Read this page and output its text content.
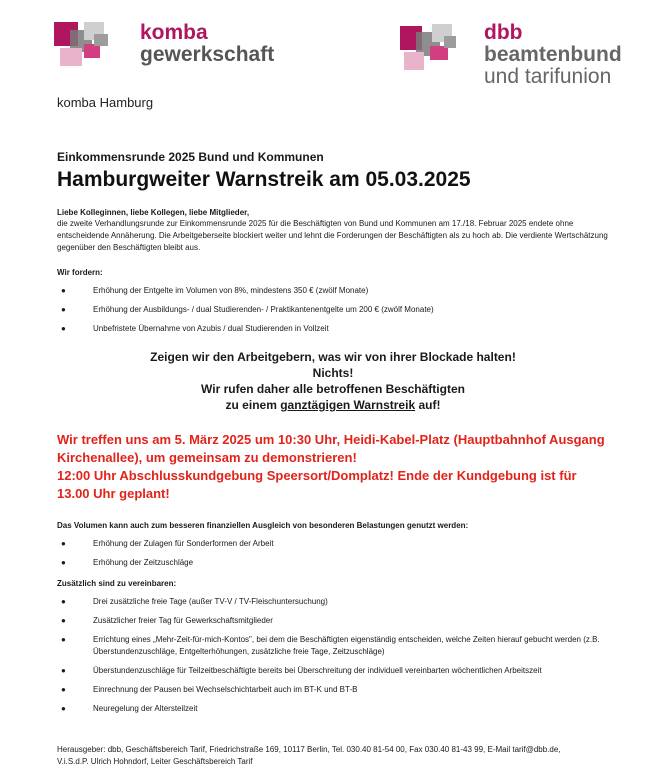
komba
gewerkschaft
dbb
beamtenbund
und tarifunion
komba Hamburg

Einkommensrunde 2025 Bund und Kommunen

Hamburgweiter Warnstreik am 05.03.2025

Liebe Kolleginnen, liebe Kollegen, liebe Mitglieder,

die zweite Verhandlungsrunde zur Einkommensrunde 2025 für die Beschäftigten von Bund und Kommunen am 17./18. Februar 2025 endete ohne entscheidende Annäherung. Die Arbeitgeberseite blockiert weiter und lehnt die Forderungen der Beschäftigten als zu hoch ab. Die verdiente Wertschätzung gegenüber den Beschäftigten bleibt aus.

Wir fordern:

● Erhöhung der Entgelte im Volumen von 8%, mindestens 350 € (zwölf Monate)
● Erhöhung der Ausbildungs- / dual Studierenden- / Praktikantenentgelte um 200 € (zwölf Monate)
● Unbefristete Übernahme von Azubis / dual Studierenden in Vollzeit
Zeigen wir den Arbeitgebern, was wir von ihrer Blockade halten!
Nichts!
Wir rufen daher alle betroffenen Beschäftigten
zu einem ganztägigen Warnstreik auf!
Wir treffen uns am 5. März 2025 um 10:30 Uhr, Heidi-Kabel-Platz (Hauptbahnhof Ausgang Kirchenallee), um gemeinsam zu demonstrieren!
12:00 Uhr Abschlusskundgebung Speersort/Domplatz! Ende der Kundgebung ist für 13.00 Uhr geplant!

Das Volumen kann auch zum besseren finanziellen Ausgleich von besonderen Belastungen genutzt werden:

● Erhöhung der Zulagen für Sonderformen der Arbeit
● Erhöhung der Zeitzuschläge

Zusätzlich sind zu vereinbaren:

● Drei zusätzliche freie Tage (außer TV-V / TV-Fleischuntersuchung)
● Zusätzlicher freier Tag für Gewerkschaftsmitglieder
● Errichtung eines „Mehr-Zeit-für-mich-Kontos", bei dem die Beschäftigten eigenständig entscheiden, welche Zeiten hierauf gebucht werden (z.B. Überstundenzuschläge, Entgelterhöhungen, zusätzliche freie Tage, Zeitzuschläge)
● Überstundenzuschläge für Teilzeitbeschäftigte bereits bei Überschreitung der individuell vereinbarten wöchentlichen Arbeitszeit
● Einrechnung der Pausen bei Wechselschichtarbeit auch im BT-K und BT-B
● Neuregelung der Altersteilzeit
Herausgeber: dbb, Geschäftsbereich Tarif, Friedrichstraße 169, 10117 Berlin, Tel. 030.40 81-54 00, Fax 030.40 81-43 99, E-Mail tarif@dbb.de,
V.i.S.d.P. Ulrich Hohndorf, Leiter Geschäftsbereich Tarif
